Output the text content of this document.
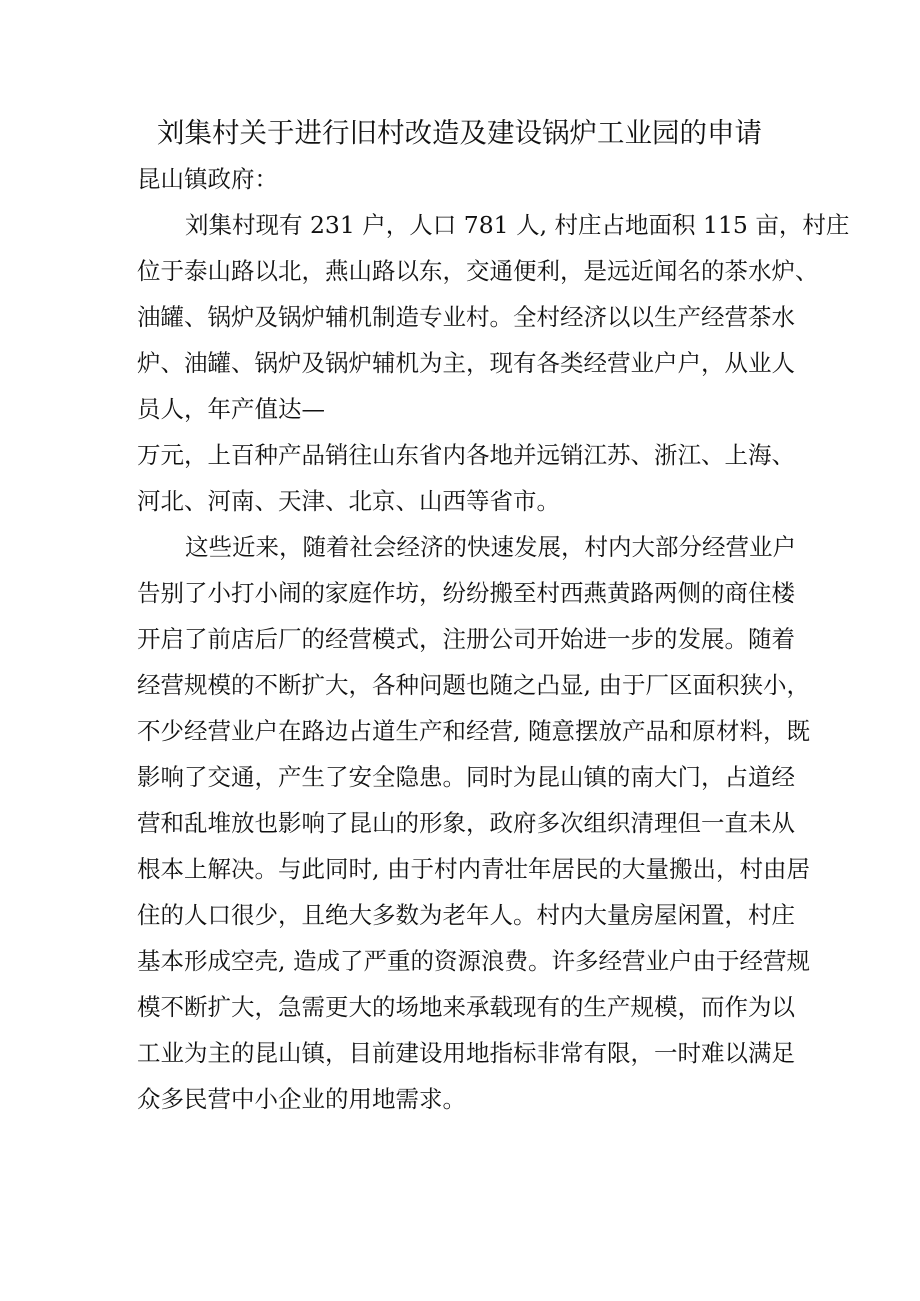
刘集村关于进行旧村改造及建设锅炉工业园的申请
昆山镇政府：
刘集村现有 231 户，人口 781 人, 村庄占地面积 115 亩，村庄
位于泰山路以北，燕山路以东，交通便利，是远近闻名的茶水炉、
油罐、锅炉及锅炉辅机制造专业村。全村经济以以生产经营茶水
炉、油罐、锅炉及锅炉辅机为主，现有各类经营业户户，从业人
员人，年产值达—
万元，上百种产品销往山东省内各地并远销江苏、浙江、上海、
河北、河南、天津、北京、山西等省市。
这些近来，随着社会经济的快速发展，村内大部分经营业户
告别了小打小闹的家庭作坊，纷纷搬至村西燕黄路两侧的商住楼
开启了前店后厂的经营模式，注册公司开始进一步的发展。随着
经营规模的不断扩大，各种问题也随之凸显, 由于厂区面积狭小，
不少经营业户在路边占道生产和经营, 随意摆放产品和原材料，既
影响了交通，产生了安全隐患。同时为昆山镇的南大门，占道经
营和乱堆放也影响了昆山的形象，政府多次组织清理但一直未从
根本上解决。与此同时, 由于村内青壮年居民的大量搬出，村由居
住的人口很少，且绝大多数为老年人。村内大量房屋闲置，村庄
基本形成空壳, 造成了严重的资源浪费。许多经营业户由于经营规
模不断扩大，急需更大的场地来承载现有的生产规模，而作为以
工业为主的昆山镇，目前建设用地指标非常有限，一时难以满足
众多民营中小企业的用地需求。
